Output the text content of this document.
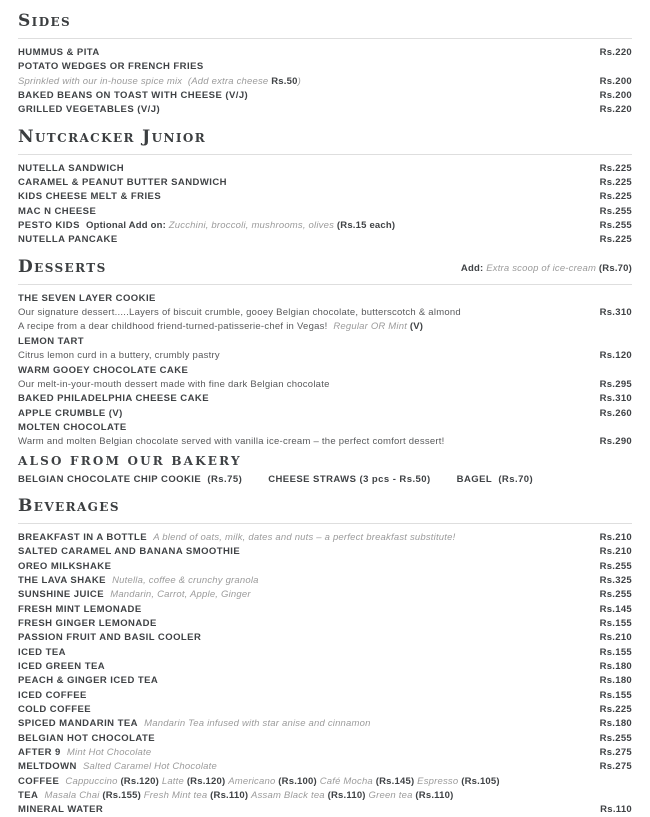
Sides
HUMMUS & PITA	Rs.220
POTATO WEDGES OR FRENCH FRIES
Sprinkled with our in-house spice mix  (Add extra cheese Rs.50)	Rs.200
BAKED BEANS ON TOAST WITH CHEESE (V/J)	Rs.200
GRILLED VEGETABLES (V/J)	Rs.220
Nutcracker Junior
NUTELLA SANDWICH	Rs.225
CARAMEL & PEANUT BUTTER SANDWICH	Rs.225
KIDS CHEESE MELT & FRIES	Rs.225
MAC N CHEESE	Rs.255
PESTO KIDS  Optional Add on: Zucchini, broccoli, mushrooms, olives (Rs.15 each)	Rs.255
NUTELLA PANCAKE	Rs.225
Desserts	Add: Extra scoop of ice-cream (Rs.70)
THE SEVEN LAYER COOKIE
Our signature dessert.....Layers of biscuit crumble, gooey Belgian chocolate, butterscotch & almond	Rs.310
A recipe from a dear childhood friend-turned-patisserie-chef in Vegas!  Regular OR Mint (V)
LEMON TART
Citrus lemon curd in a buttery, crumbly pastry	Rs.120
WARM GOOEY CHOCOLATE CAKE
Our melt-in-your-mouth dessert made with fine dark Belgian chocolate	Rs.295
BAKED PHILADELPHIA CHEESE CAKE	Rs.310
APPLE CRUMBLE (V)	Rs.260
MOLTEN CHOCOLATE
Warm and molten Belgian chocolate served with vanilla ice-cream – the perfect comfort dessert!	Rs.290
ALSO FROM OUR BAKERY
BELGIAN CHOCOLATE CHIP COOKIE  (Rs.75)	CHEESE STRAWS (3 pcs - Rs.50)	BAGEL  (Rs.70)
Beverages
BREAKFAST IN A BOTTLE  A blend of oats, milk, dates and nuts – a perfect breakfast substitute!	Rs.210
SALTED CARAMEL AND BANANA SMOOTHIE	Rs.210
OREO MILKSHAKE	Rs.255
THE LAVA SHAKE  Nutella, coffee & crunchy granola	Rs.325
SUNSHINE JUICE  Mandarin, Carrot, Apple, Ginger	Rs.255
FRESH MINT LEMONADE	Rs.145
FRESH GINGER LEMONADE	Rs.155
PASSION FRUIT AND BASIL COOLER	Rs.210
ICED TEA	Rs.155
ICED GREEN TEA	Rs.180
PEACH & GINGER ICED TEA	Rs.180
ICED COFFEE	Rs.155
COLD COFFEE	Rs.225
SPICED MANDARIN TEA  Mandarin Tea infused with star anise and cinnamon	Rs.180
BELGIAN HOT CHOCOLATE	Rs.255
AFTER 9  Mint Hot Chocolate	Rs.275
MELTDOWN  Salted Caramel Hot Chocolate	Rs.275
COFFEE  Cappuccino (Rs.120) Latte (Rs.120) Americano (Rs.100) Café Mocha (Rs.145) Espresso (Rs.105)
TEA  Masala Chai (Rs.155) Fresh Mint tea (Rs.110) Assam Black tea (Rs.110) Green tea (Rs.110)
MINERAL WATER	Rs.110
